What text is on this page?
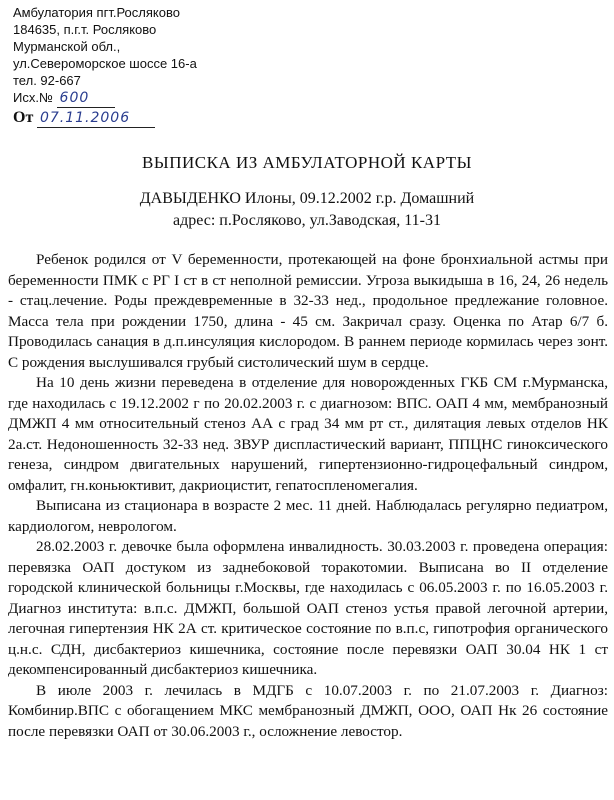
Амбулатория пгт.Росляково
184635, п.г.т. Росляково
Мурманской обл.,
ул.Североморское шоссе 16-а
тел. 92-667
Исх.№ 600
От 07.11.2006
ВЫПИСКА ИЗ АМБУЛАТОРНОЙ КАРТЫ
ДАВЫДЕНКО Илоны, 09.12.2002 г.р. Домашний
адрес: п.Росляково, ул.Заводская, 11-31

Ребенок родился от V беременности, протекающей на фоне бронхиальной астмы при беременности ПМК с РГ I ст в ст неполной ремиссии. Угроза выкидыша в 16, 24, 26 недель - стац.лечение. Роды преждевременные в 32-33 нед., продольное предлежание головное. Масса тела при рождении 1750, длина - 45 см. Закричал сразу. Оценка по Атар 6/7 б. Проводилась санация в д.п.инсуляция кислородом. В раннем периоде кормилась через зонт. С рождения выслушивался грубый систолический шум в сердце.

На 10 день жизни переведена в отделение для новорожденных ГКБ СМ г.Мурманска, где находилась с 19.12.2002 г по 20.02.2003 г. с диагнозом: ВПС. ОАП 4 мм, мембранозный ДМЖП 4 мм относительный стеноз АА с град 34 мм рт ст., дилятация левых отделов НК 2а.ст. Недоношенность 32-33 нед. ЗВУР диспластический вариант, ППЦНС гиноксического генеза, синдром двигательных нарушений, гипертензионно-гидроцефальный синдром, омфалит, гн.коньюктивит, дакриоцистит, гепатоспленомегалия.

Выписана из стационара в возрасте 2 мес. 11 дней. Наблюдалась регулярно педиатром, кардиологом, неврологом.

28.02.2003 г. девочке была оформлена инвалидность. 30.03.2003 г. проведена операция: перевязка ОАП достуком из заднебоковой торакотомии. Выписана во II отделение городской клинической больницы г.Москвы, где находилась с 06.05.2003 г. по 16.05.2003 г. Диагноз института: в.п.с. ДМЖП, большой ОАП стеноз устья правой легочной артерии, легочная гипертензия НК 2А ст. критическое состояние по в.п.с, гипотрофия органического ц.н.с. СДН, дисбактериоз кишечника, состояние после перевязки ОАП 30.04 НК 1 ст декомпенсированный дисбактериоз кишечника.

В июле 2003 г. лечилась в МДГБ с 10.07.2003 г. по 21.07.2003 г. Диагноз: Комбинир.ВПС с обогащением МКС мембранозный ДМЖП, ООО, ОАП Нк 26 состояние после перевязки ОАП от 30.06.2003 г., осложнение левостор.
